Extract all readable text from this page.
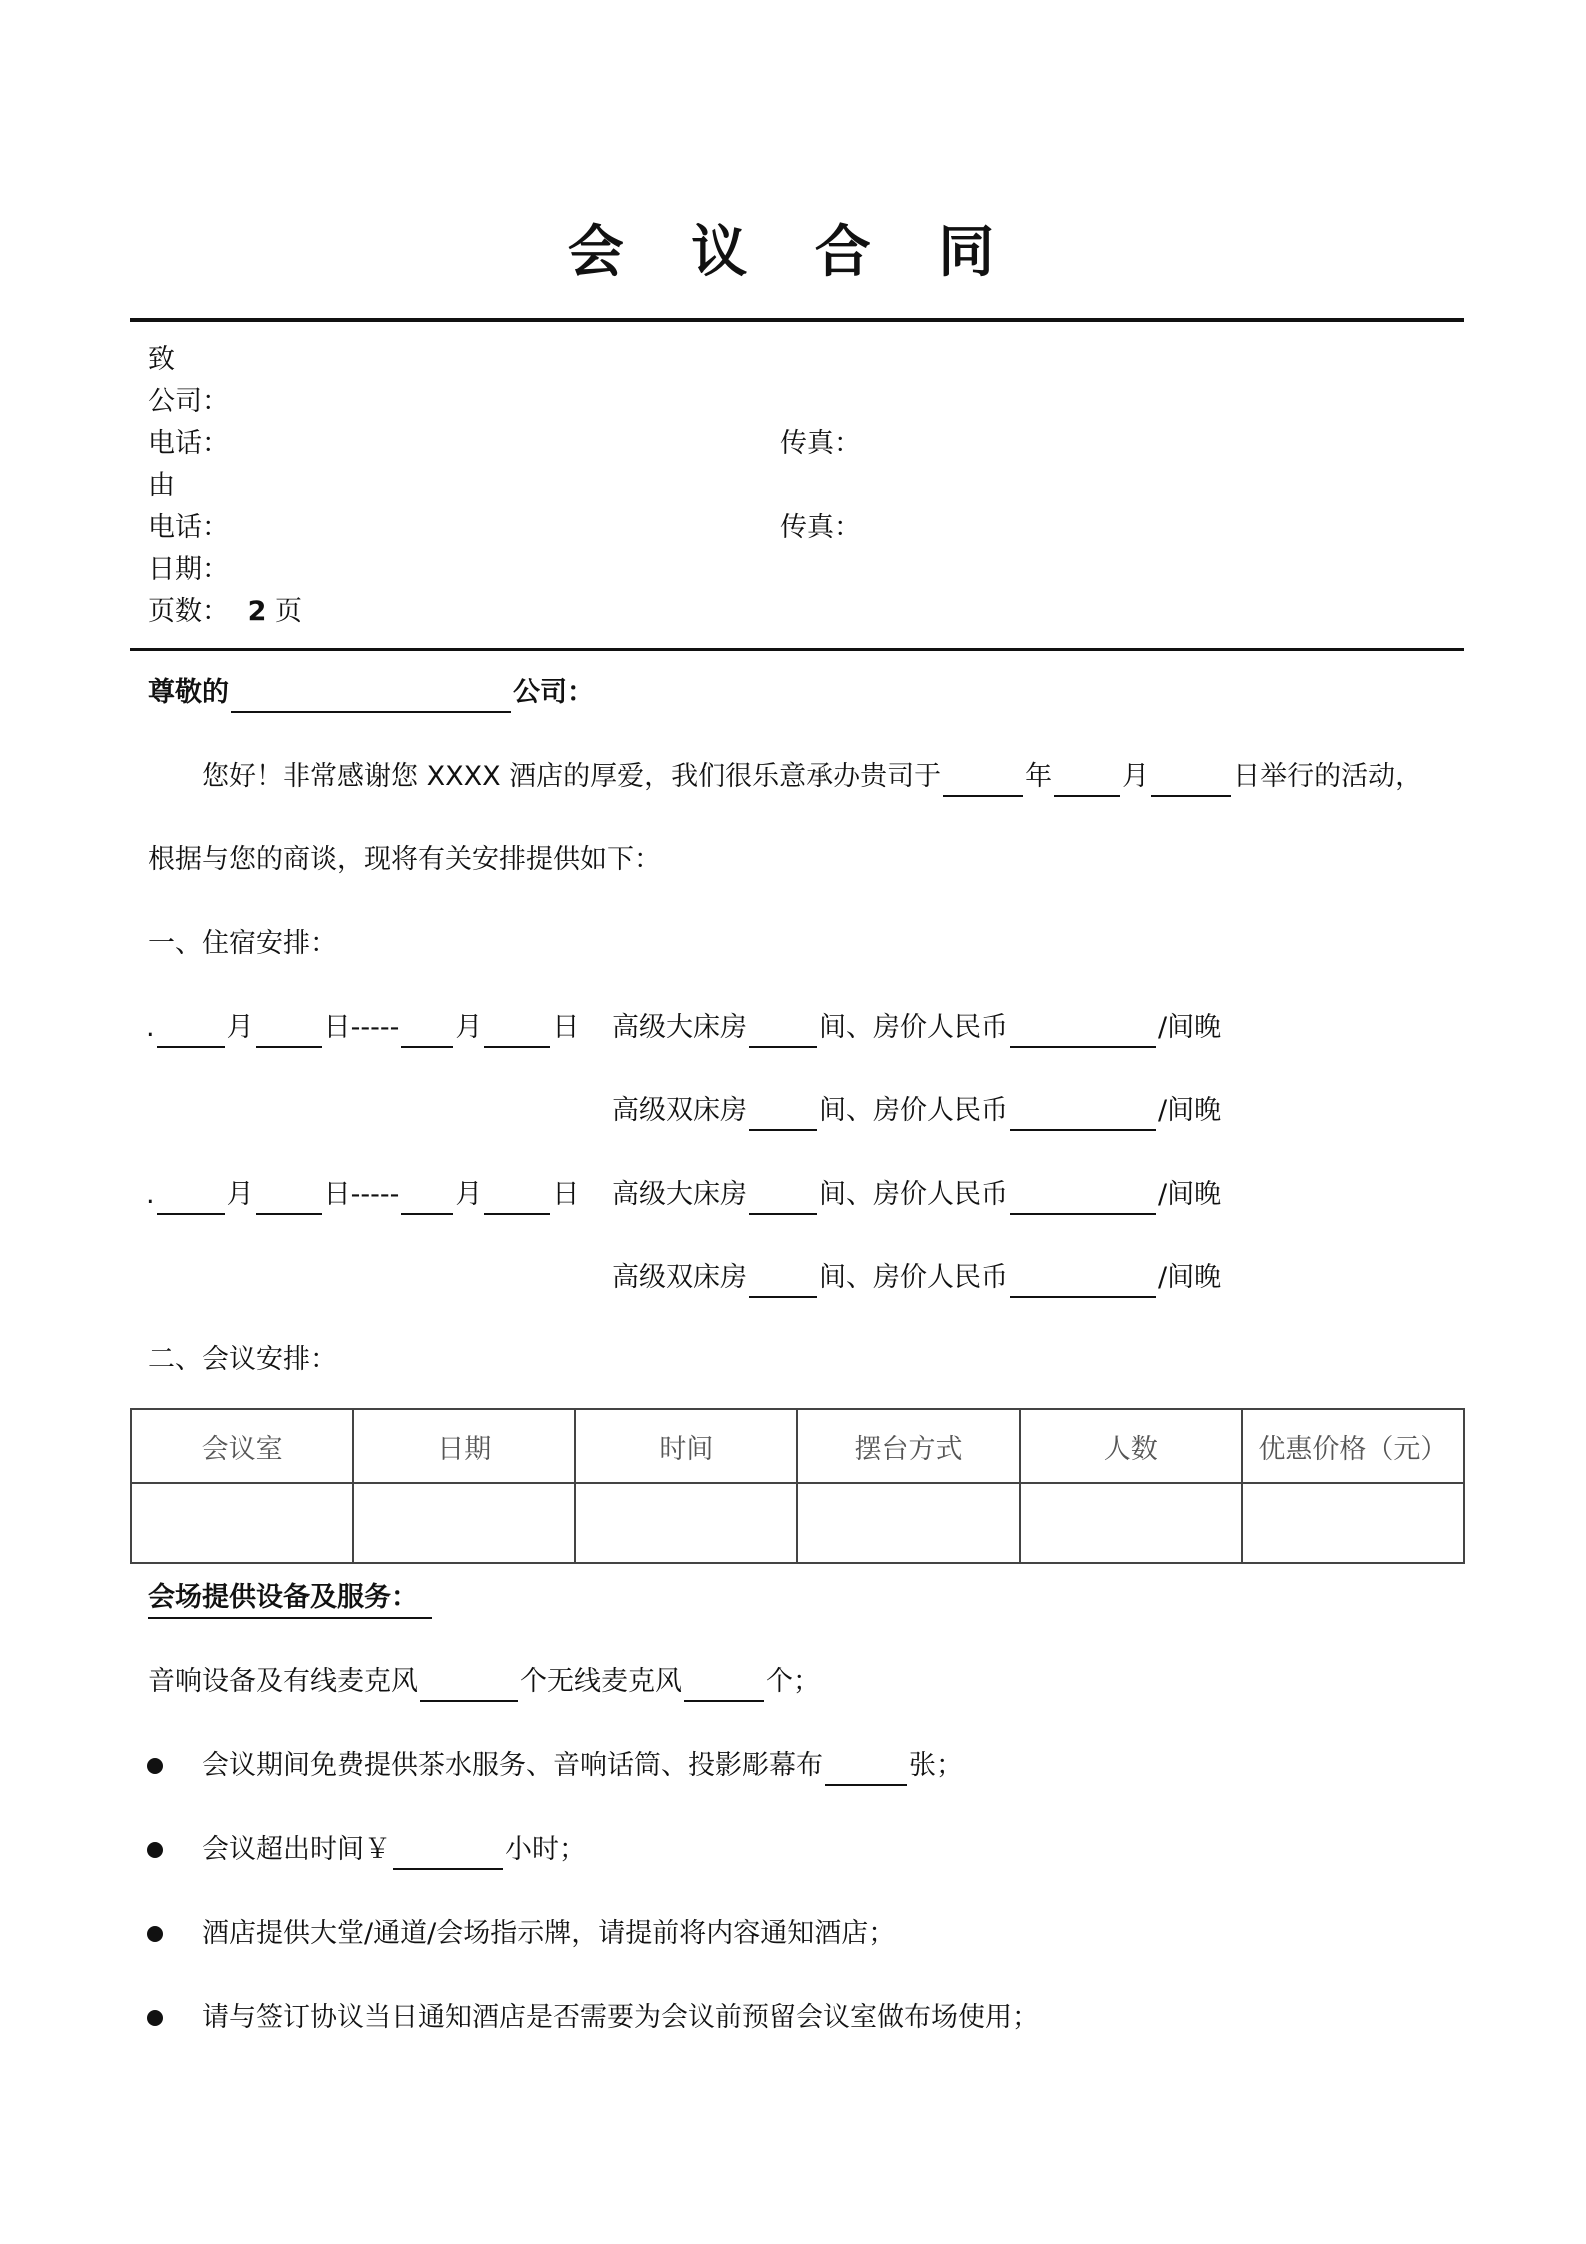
会 议 合 同
致
公司：
电话：	传真：
由
电话：	传真：
日期：
页数： 2 页
尊敬的	公司：
您好！非常感谢您 XXXX 酒店的厚爱，我们很乐意承办贵司于	年	月	日举行的活动，
根据与您的商谈，现将有关安排提供如下：
一、住宿安排：
.	月	日----- 月	日 高级大床房	间、房价人民币	/间晚
高级双床房	间、房价人民币	/间晚
.	月	日----- 月	日 高级大床房	间、房价人民币	/间晚
高级双床房	间、房价人民币	/间晚
二、会议安排：
会议室	日期	时间	摆台方式	人数	优惠价格（元）

会场提供设备及服务：
音响设备及有线麦克风	个无线麦克风	个；
会议期间免费提供茶水服务、音响话筒、投影彫幕布	张；
会议超出时间￥	小时；
酒店提供大堂/通道/会场指示牌，请提前将内容通知酒店；
请与签订协议当日通知酒店是否需要为会议前预留会议室做布场使用；
